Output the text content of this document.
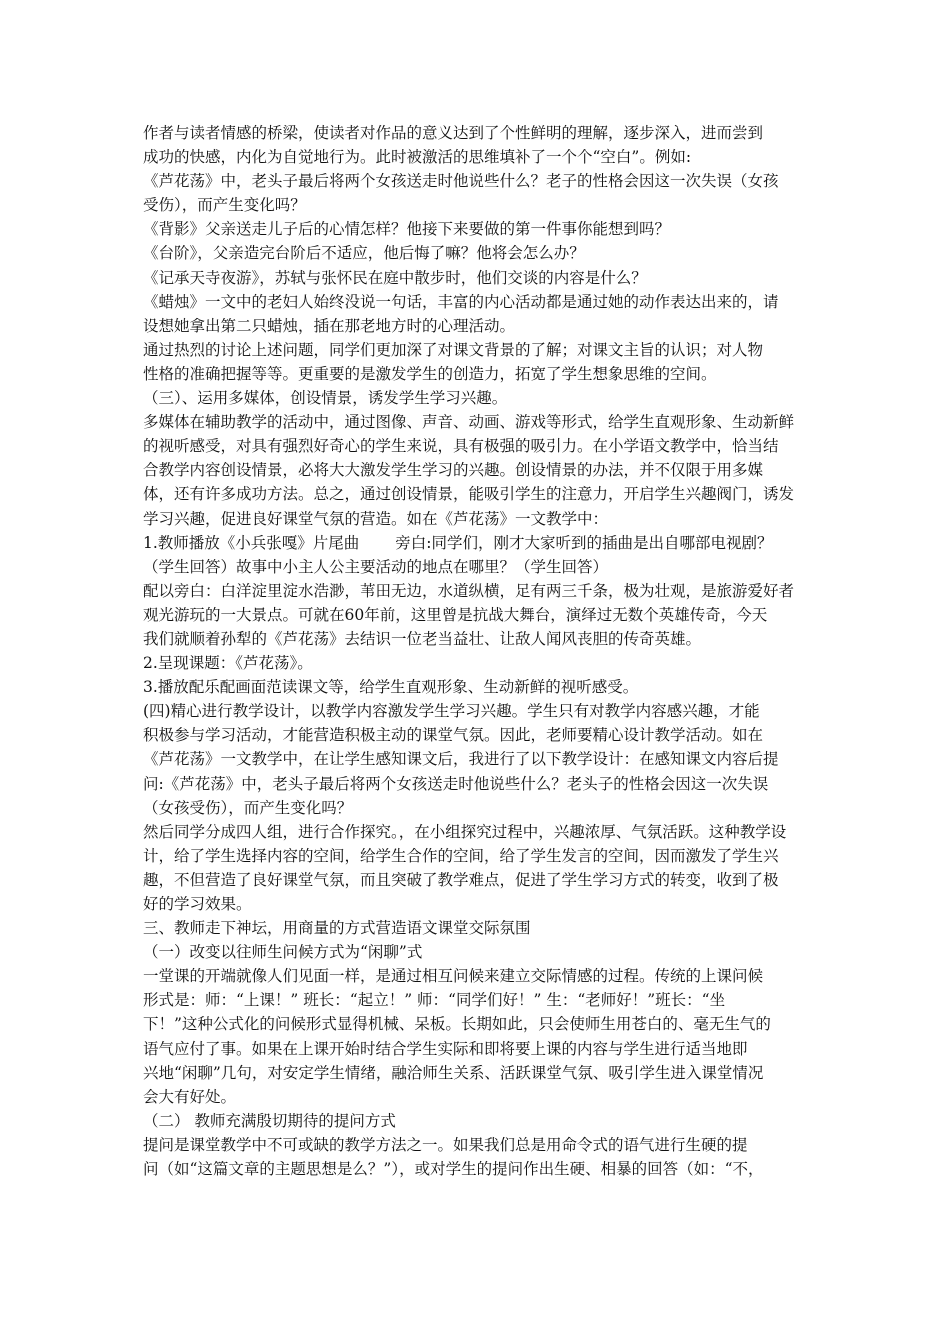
作者与读者情感的桥梁，使读者对作品的意义达到了个性鲜明的理解，逐步深入，进而尝到
成功的快感，内化为自觉地行为。此时被激活的思维填补了一个个“空白”。例如:
《芦花荡》中，老头子最后将两个女孩送走时他说些什么？老子的性格会因这一次失误（女孩
受伤），而产生变化吗？
《背影》父亲送走儿子后的心情怎样？他接下来要做的第一件事你能想到吗？
《台阶》，父亲造完台阶后不适应，他后悔了嘛？他将会怎么办？
《记承天寺夜游》，苏轼与张怀民在庭中散步时，他们交谈的内容是什么？
《蜡烛》一文中的老妇人始终没说一句话，丰富的内心活动都是通过她的动作表达出来的，请
设想她拿出第二只蜡烛，插在那老地方时的心理活动。
通过热烈的讨论上述问题，同学们更加深了对课文背景的了解；对课文主旨的认识；对人物
性格的准确把握等等。更重要的是激发学生的创造力，拓宽了学生想象思维的空间。
（三）、运用多媒体，创设情景，诱发学生学习兴趣。
多媒体在辅助教学的活动中，通过图像、声音、动画、游戏等形式，给学生直观形象、生动新鲜
的视听感受，对具有强烈好奇心的学生来说，具有极强的吸引力。在小学语文教学中，恰当结
合教学内容创设情景，必将大大激发学生学习的兴趣。创设情景的办法，并不仅限于用多媒
体，还有许多成功方法。总之，通过创设情景，能吸引学生的注意力，开启学生兴趣阀门，诱发
学习兴趣，促进良好课堂气氛的营造。如在《芦花荡》一文教学中：
1.教师播放《小兵张嘎》片尾曲　　 旁白:同学们，刚才大家听到的插曲是出自哪部电视剧？
（学生回答）故事中小主人公主要活动的地点在哪里？（学生回答）
配以旁白：白洋淀里淀水浩渺，苇田无边，水道纵横，足有两三千条，极为壮观，是旅游爱好者
观光游玩的一大景点。可就在60年前，这里曾是抗战大舞台，演绎过无数个英雄传奇，今天
我们就顺着孙犁的《芦花荡》去结识一位老当益壮、让敌人闻风丧胆的传奇英雄。
2.呈现课题：《芦花荡》。
3.播放配乐配画面范读课文等，给学生直观形象、生动新鲜的视听感受。
(四)精心进行教学设计，以教学内容激发学生学习兴趣。学生只有对教学内容感兴趣，才能
积极参与学习活动，才能营造积极主动的课堂气氛。因此，老师要精心设计教学活动。如在
《芦花荡》一文教学中，在让学生感知课文后，我进行了以下教学设计：在感知课文内容后提
问:《芦花荡》中，老头子最后将两个女孩送走时他说些什么？老头子的性格会因这一次失误
（女孩受伤），而产生变化吗？
然后同学分成四人组，进行合作探究。，在小组探究过程中，兴趣浓厚、气氛活跃。这种教学设
计，给了学生选择内容的空间，给学生合作的空间，给了学生发言的空间，因而激发了学生兴
趣，不但营造了良好课堂气氛，而且突破了教学难点，促进了学生学习方式的转变，收到了极
好的学习效果。
三、教师走下神坛，用商量的方式营造语文课堂交际氛围
（一）改变以往师生问候方式为“闲聊”式
一堂课的开端就像人们见面一样，是通过相互问候来建立交际情感的过程。传统的上课问候
形式是：师：“上课！” 班长：“起立！” 师：“同学们好！” 生：“老师好！”班长：“坐
下！”这种公式化的问候形式显得机械、呆板。长期如此，只会使师生用苍白的、毫无生气的
语气应付了事。如果在上课开始时结合学生实际和即将要上课的内容与学生进行适当地即
兴地“闲聊”几句，对安定学生情绪，融洽师生关系、活跃课堂气氛、吸引学生进入课堂情况
会大有好处。
（二） 教师充满殷切期待的提问方式
提问是课堂教学中不可或缺的教学方法之一。如果我们总是用命令式的语气进行生硬的提
问（如“这篇文章的主题思想是么？”），或对学生的提问作出生硬、相暴的回答（如：“不，
